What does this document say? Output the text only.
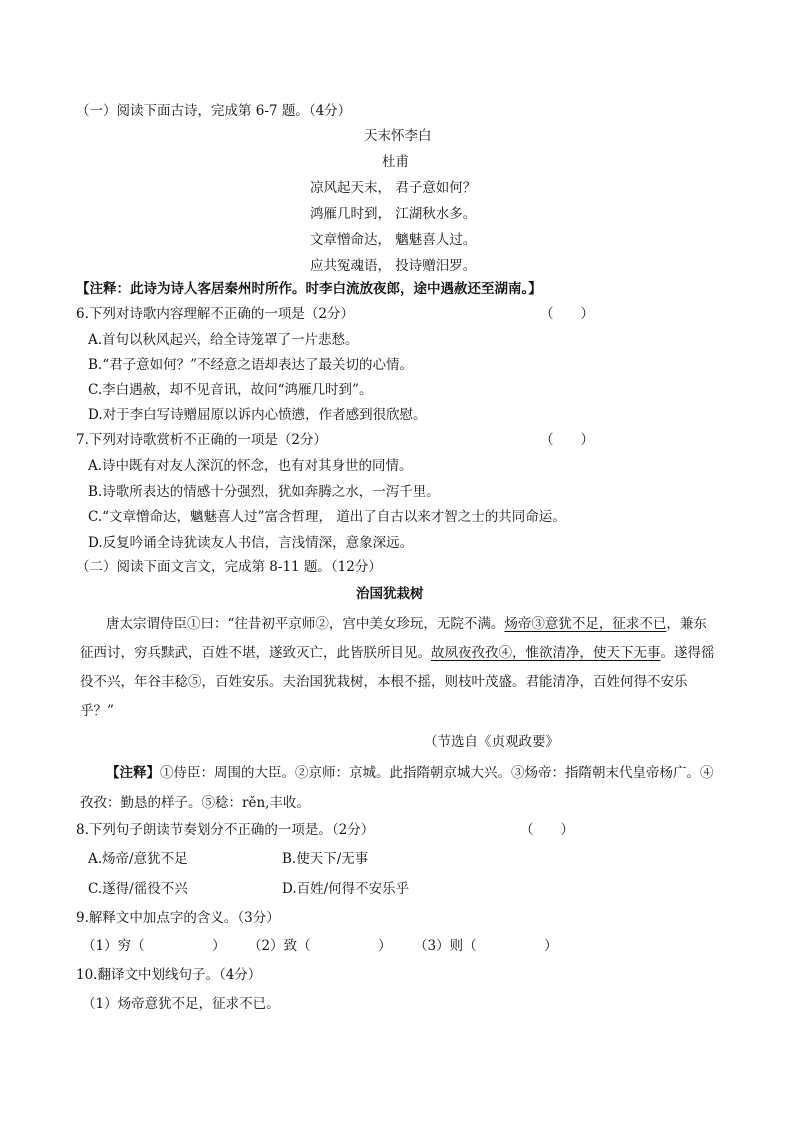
（一）阅读下面古诗，完成第 6-7 题。（4分）
天末怀李白
杜甫
凉风起天末， 君子意如何？
鸿雁几时到， 江湖秋水多。
文章憎命达， 魑魅喜人过。
应共冤魂语， 投诗赠汨罗。
【注释：此诗为诗人客居秦州时所作。时李白流放夜郎，途中遇赦还至湖南。】
6.下列对诗歌内容理解不正确的一项是（2分）	（　　）
A.首句以秋风起兴，给全诗笼罩了一片悲愁。
B.“君子意如何？”不经意之语却表达了最关切的心情。
C.李白遇赦，却不见音讯，故问“鸿雁几时到”。
D.对于李白写诗赠屈原以诉内心愤懑，作者感到很欣慰。
7.下列对诗歌赏析不正确的一项是（2分）	（　　）
A.诗中既有对友人深沉的怀念，也有对其身世的同情。
B.诗歌所表达的情感十分强烈，犹如奔腾之水，一泻千里。
C.“文章憎命达，魑魅喜人过”富含哲理， 道出了自古以来才智之士的共同命运。
D.反复吟诵全诗犹读友人书信，言浅情深，意象深远。
（二）阅读下面文言文，完成第 8-11 题。（12分）
治国犹栽树
唐太宗谓侍臣①曰：“往昔初平京师②，宫中美女珍玩，无院不满。炀帝③意犹不足，征求不已，兼东征西讨，穷兵黩武，百姓不堪，遂致灭亡，此皆朕所目见。故夙夜孜孜④，惟欲清净，使天下无事。遂得徭役不兴，年谷丰稔⑤，百姓安乐。夫治国犹栽树，本根不摇，则枝叶茂盛。君能清净，百姓何得不安乐乎？”
（节选自《贞观政要》
【注释】①侍臣：周围的大臣。②京师：京城。此指隋朝京城大兴。③炀帝：指隋朝末代皇帝杨广。④孜孜：勤恳的样子。⑤稔：rěn,丰收。
8.下列句子朗读节奏划分不正确的一项是。（2分）	（　　）
A.炀帝/意犹不足	B.使天下/无事
C.遂得/徭役不兴	D.百姓/何得不安乐乎
9.解释文中加点字的含义。（3分）
（1）穷（　　　　　） （2）致（　　　　　） （3）则（　　　　　）
10.翻译文中划线句子。（4分）
（1）炀帝意犹不足，征求不已。
